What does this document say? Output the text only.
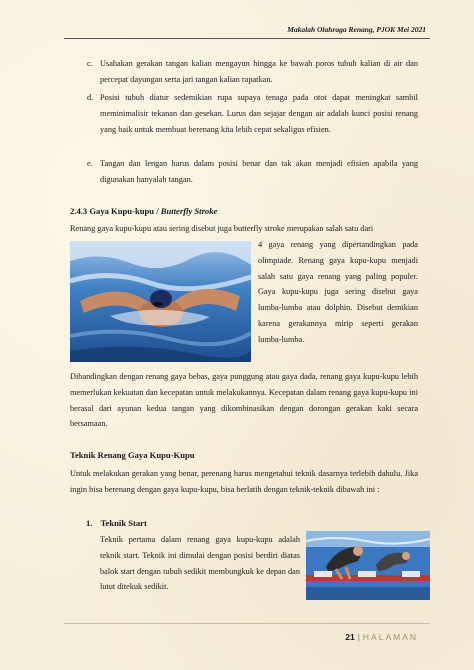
Makalah Olahraga Renang, PJOK Mei 2021
c. Usahakan gerakan tangan kalian mengayun hingga ke bawah poros tubuh kalian di air dan percepat dayungan serta jari tangan kalian rapatkan.
d. Posisi tubuh diatur sedemikian rupa supaya tenaga pada otot dapat meningkat sambil meminimalisir tekanan dan gesekan. Lurus dan sejajar dengan air adalah kunci posisi renang yang baik untuk membuat berenang kita lebih cepat sekaligus efisien.
e. Tangan dan lengan harus dalam posisi benar dan tak akan menjadi efisien apabila yang digunakan hanyalah tangan.
2.4.3 Gaya Kupu-kupu / Butterfly Stroke
Renang gaya kupu-kupu atau sering disebut juga butterfly stroke merupakan salah satu dari
4 gaya renang yang dipertandingkan pada olimpiade. Renang gaya kupu-kupu menjadi salah satu gaya renang yang paling populer. Gaya kupu-kupu juga sering disebut gaya lumba-lumba atau dolphin. Disebut demikian karena gerakannya mirip seperti gerakan lumba-lumba.
Dibandingkan dengan renang gaya bebas, gaya punggung atau gaya dada, renang gaya kupu-kupu lebih memerlukan kekuatan dan kecepatan untuk melakukannya. Kecepatan dalam renang gaya kupu-kupu ini berasal dari ayunan kedua tangan yang dikombinasikan dengan dorongan gerakan kaki secara bersamaan.
Teknik Renang Gaya Kupu-Kupu
Untuk melakukan gerakan yang benar, perenang harus mengetahui teknik dasarnya terlebih dahulu. Jika ingin bisa berenang dengan gaya kupu-kupu, bisa berlatih dengan teknik-teknik dibawah ini :
1. Teknik Start
Teknik pertama dalam renang gaya kupu-kupu adalah teknik start. Teknik ini dimulai dengan posisi berdiri diatas balok start dengan tubuh sedikit membungkuk ke depan dan lutut ditekuk sedikit.
21 | HALAMAN
